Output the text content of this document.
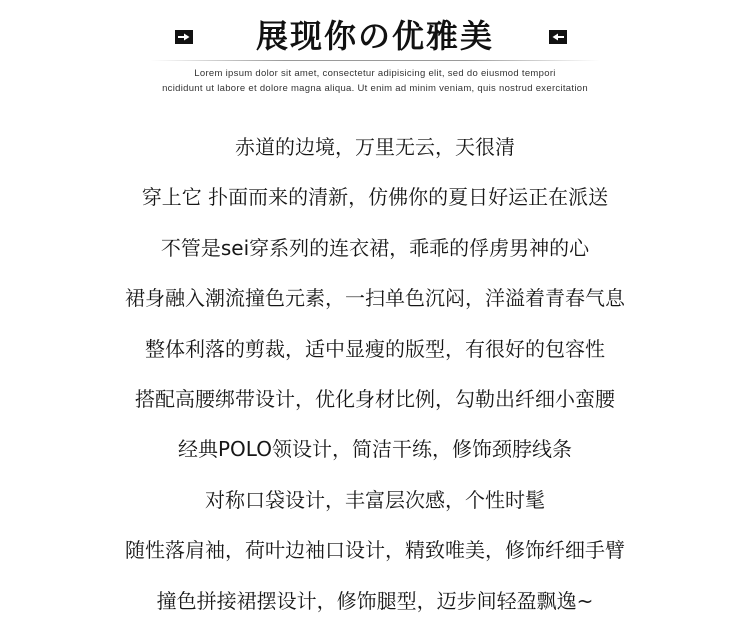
展现你の优雅美
Lorem ipsum dolor sit amet, consectetur adipisicing elit, sed do eiusmod tempori
ncididunt ut labore et dolore magna aliqua. Ut enim ad minim veniam, quis nostrud exercitation
赤道的边境，万里无云，天很清
穿上它 扑面而来的清新，仿佛你的夏日好运正在派送
不管是sei穿系列的连衣裙，乖乖的俘虏男神的心
裙身融入潮流撞色元素，一扫单色沉闷，洋溢着青春气息
整体利落的剪裁，适中显瘦的版型，有很好的包容性
搭配高腰绑带设计，优化身材比例，勾勒出纤细小蛮腰
经典POLO领设计，简洁干练，修饰颈脖线条
对称口袋设计，丰富层次感，个性时髦
随性落肩袖，荷叶边袖口设计，精致唯美，修饰纤细手臂
撞色拼接裙摆设计，修饰腿型，迈步间轻盈飘逸~
